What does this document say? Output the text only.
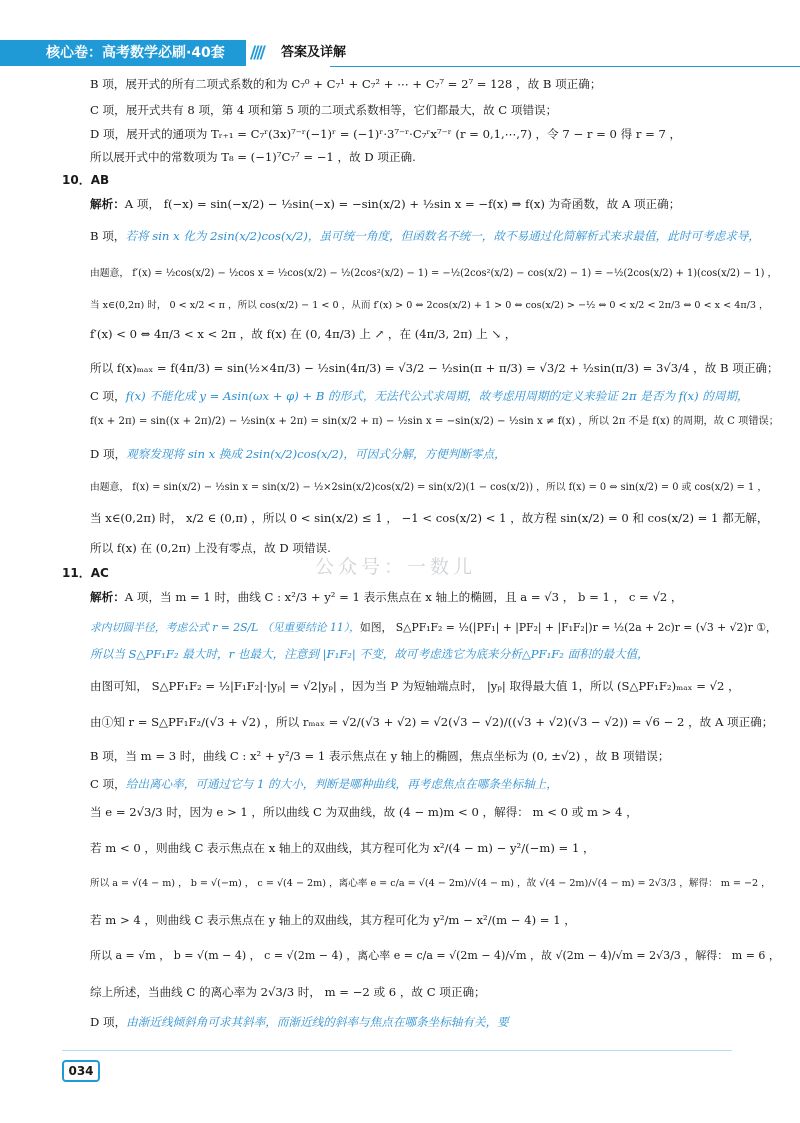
核心卷：高考数学必刷·40套	//// 答案及详解
B 项，展开式的所有二项式系数的和为 C₇⁰ + C₇¹ + C₇² + ⋯ + C₇⁷ = 2⁷ = 128 ，故 B 项正确；
C 项，展开式共有 8 项，第 4 项和第 5 项的二项式系数相等，它们都最大，故 C 项错误；
D 项，展开式的通项为 Tᵣ₊₁ = C₇ʳ(3x)⁷⁻ʳ(−1)ʳ = (−1)ʳ·3⁷⁻ʳ·C₇ʳx⁷⁻ʳ (r = 0,1,⋯,7) ，令 7 − r = 0 得 r = 7 ，
所以展开式中的常数项为 T₈ = (−1)⁷C₇⁷ = −1 ，故 D 项正确.
10．AB
解析：A 项， f(−x) = sin(−x/2) − ½sin(−x) = −sin(x/2) + ½sin x = −f(x) ⇒ f(x) 为奇函数，故 A 项正确；
B 项，若将 sin x 化为 2sin(x/2)cos(x/2)，虽可统一角度，但函数名不统一，故不易通过化简解析式来求最值，此时可考虑求导，
由题意， f′(x) = ½cos(x/2) − ½cos x = ½cos(x/2) − ½(2cos²(x/2) − 1) = −½(2cos²(x/2) − cos(x/2) − 1) = −½(2cos(x/2) + 1)(cos(x/2) − 1) ，
当 x∈(0,2π) 时， 0 < x/2 < π ，所以 cos(x/2) − 1 < 0 ，从而 f′(x) > 0 ⇔ 2cos(x/2) + 1 > 0 ⇔ cos(x/2) > −½ ⇔ 0 < x/2 < 2π/3 ⇔ 0 < x < 4π/3 ，
f′(x) < 0 ⇔ 4π/3 < x < 2π ，故 f(x) 在 (0, 4π/3) 上 ↗ ，在 (4π/3, 2π) 上 ↘ ，
所以 f(x)ₘₐₓ = f(4π/3) = sin(½×4π/3) − ½sin(4π/3) = √3/2 − ½sin(π + π/3) = √3/2 + ½sin(π/3) = 3√3/4 ，故 B 项正确；
C 项，f(x) 不能化成 y = Asin(ωx + φ) + B 的形式，无法代公式求周期，故考虑用周期的定义来验证 2π 是否为 f(x) 的周期，
f(x + 2π) = sin((x + 2π)/2) − ½sin(x + 2π) = sin(x/2 + π) − ½sin x = −sin(x/2) − ½sin x ≠ f(x) ，所以 2π 不是 f(x) 的周期，故 C 项错误；
D 项，观察发现将 sin x 换成 2sin(x/2)cos(x/2)，可因式分解，方便判断零点，
由题意， f(x) = sin(x/2) − ½sin x = sin(x/2) − ½×2sin(x/2)cos(x/2) = sin(x/2)(1 − cos(x/2)) ，所以 f(x) = 0 ⇔ sin(x/2) = 0 或 cos(x/2) = 1 ，
当 x∈(0,2π) 时， x/2 ∈ (0,π) ，所以 0 < sin(x/2) ≤ 1 ， −1 < cos(x/2) < 1 ，故方程 sin(x/2) = 0 和 cos(x/2) = 1 都无解，
所以 f(x) 在 (0,2π) 上没有零点，故 D 项错误.
11．AC
解析：A 项，当 m = 1 时，曲线 C : x²/3 + y² = 1 表示焦点在 x 轴上的椭圆，且 a = √3 ， b = 1 ， c = √2 ，
求内切圆半径，考虑公式 r = 2S/L （见重要结论 11），如图， S△PF₁F₂ = ½(|PF₁| + |PF₂| + |F₁F₂|)r = ½(2a + 2c)r = (√3 + √2)r ①，
所以当 S△PF₁F₂ 最大时，r 也最大，注意到 |F₁F₂| 不变，故可考虑选它为底来分析△PF₁F₂ 面积的最大值，
由图可知， S△PF₁F₂ = ½|F₁F₂|·|yₚ| = √2|yₚ| ，因为当 P 为短轴端点时， |yₚ| 取得最大值 1，所以 (S△PF₁F₂)ₘₐₓ = √2 ，
由①知 r = S△PF₁F₂/(√3 + √2) ，所以 rₘₐₓ = √2/(√3 + √2) = √2(√3 − √2)/((√3 + √2)(√3 − √2)) = √6 − 2 ，故 A 项正确；
B 项，当 m = 3 时，曲线 C : x² + y²/3 = 1 表示焦点在 y 轴上的椭圆，焦点坐标为 (0, ±√2) ，故 B 项错误；
C 项，给出离心率，可通过它与 1 的大小，判断是哪种曲线，再考虑焦点在哪条坐标轴上，
当 e = 2√3/3 时，因为 e > 1 ，所以曲线 C 为双曲线，故 (4 − m)m < 0 ，解得： m < 0 或 m > 4 ，
若 m < 0 ，则曲线 C 表示焦点在 x 轴上的双曲线，其方程可化为 x²/(4 − m) − y²/(−m) = 1 ，
所以 a = √(4 − m) ， b = √(−m) ， c = √(4 − 2m) ，离心率 e = c/a = √(4 − 2m)/√(4 − m) ，故 √(4 − 2m)/√(4 − m) = 2√3/3 ，解得： m = −2 ，
若 m > 4 ，则曲线 C 表示焦点在 y 轴上的双曲线，其方程可化为 y²/m − x²/(m − 4) = 1 ，
所以 a = √m ， b = √(m − 4) ， c = √(2m − 4) ，离心率 e = c/a = √(2m − 4)/√m ，故 √(2m − 4)/√m = 2√3/3 ，解得： m = 6 ，
综上所述，当曲线 C 的离心率为 2√3/3 时， m = −2 或 6 ，故 C 项正确；
D 项，由渐近线倾斜角可求其斜率，而渐近线的斜率与焦点在哪条坐标轴有关，要
公众号：一数儿
034
